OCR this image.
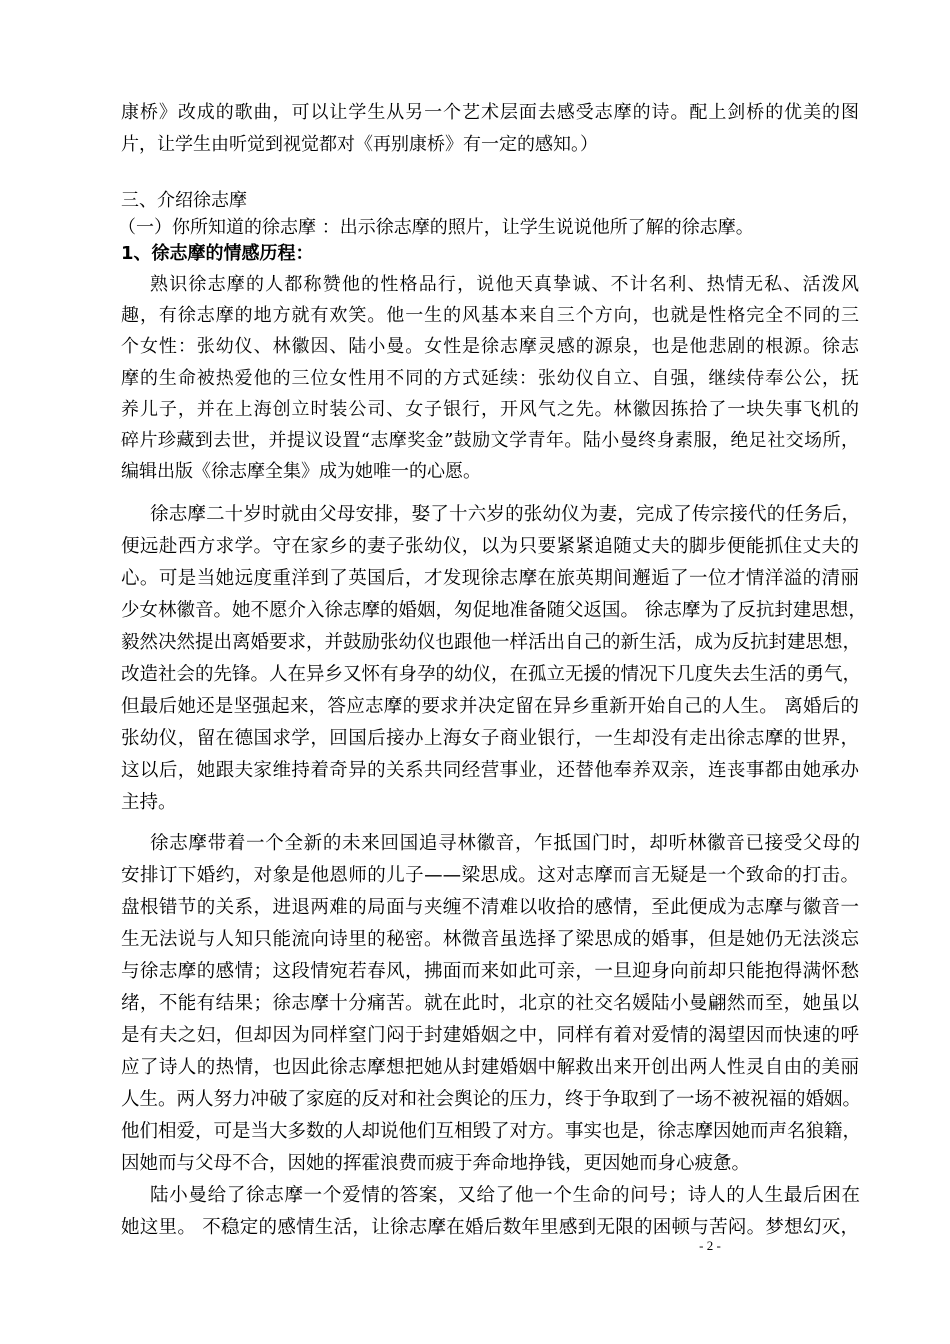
康桥》改成的歌曲，可以让学生从另一个艺术层面去感受志摩的诗。配上剑桥的优美的图
片，让学生由听觉到视觉都对《再别康桥》有一定的感知。）
三、介绍徐志摩
（一）你所知道的徐志摩 ：出示徐志摩的照片，让学生说说他所了解的徐志摩。
1、徐志摩的情感历程：
熟识徐志摩的人都称赞他的性格品行，说他天真挚诚、不计名利、热情无私、活泼风
趣，有徐志摩的地方就有欢笑。他一生的风基本来自三个方向，也就是性格完全不同的三
个女性：张幼仪、林徽因、陆小曼。女性是徐志摩灵感的源泉，也是他悲剧的根源。徐志
摩的生命被热爱他的三位女性用不同的方式延续：张幼仪自立、自强，继续侍奉公公，抚
养儿子，并在上海创立时装公司、女子银行，开风气之先。林徽因拣拾了一块失事飞机的
碎片珍藏到去世，并提议设置“志摩奖金”鼓励文学青年。陆小曼终身素服，绝足社交场所，
编辑出版《徐志摩全集》成为她唯一的心愿。
徐志摩二十岁时就由父母安排，娶了十六岁的张幼仪为妻，完成了传宗接代的任务后，
便远赴西方求学。守在家乡的妻子张幼仪，以为只要紧紧追随丈夫的脚步便能抓住丈夫的
心。可是当她远度重洋到了英国后，才发现徐志摩在旅英期间邂逅了一位才情洋溢的清丽
少女林徽音。她不愿介入徐志摩的婚姻，匆促地准备随父返国。 徐志摩为了反抗封建思想，
毅然决然提出离婚要求，并鼓励张幼仪也跟他一样活出自己的新生活，成为反抗封建思想，
改造社会的先锋。人在异乡又怀有身孕的幼仪，在孤立无援的情况下几度失去生活的勇气，
但最后她还是坚强起来，答应志摩的要求并决定留在异乡重新开始自己的人生。 离婚后的
张幼仪，留在德国求学，回国后接办上海女子商业银行，一生却没有走出徐志摩的世界，
这以后，她跟夫家维持着奇异的关系共同经营事业，还替他奉养双亲，连丧事都由她承办
主持。
徐志摩带着一个全新的未来回国追寻林徽音，乍抵国门时，却听林徽音已接受父母的
安排订下婚约，对象是他恩师的儿子——梁思成。这对志摩而言无疑是一个致命的打击。
盘根错节的关系，进退两难的局面与夹缠不清难以收拾的感情，至此便成为志摩与徽音一
生无法说与人知只能流向诗里的秘密。林微音虽选择了梁思成的婚事，但是她仍无法淡忘
与徐志摩的感情；这段情宛若春风，拂面而来如此可亲，一旦迎身向前却只能抱得满怀愁
绪，不能有结果；徐志摩十分痛苦。就在此时，北京的社交名媛陆小曼翩然而至，她虽以
是有夫之妇，但却因为同样窒门闷于封建婚姻之中，同样有着对爱情的渴望因而快速的呼
应了诗人的热情，也因此徐志摩想把她从封建婚姻中解救出来开创出两人性灵自由的美丽
人生。两人努力冲破了家庭的反对和社会舆论的压力，终于争取到了一场不被祝福的婚姻。
他们相爱，可是当大多数的人却说他们互相毁了对方。事实也是，徐志摩因她而声名狼籍，
因她而与父母不合，因她的挥霍浪费而疲于奔命地挣钱，更因她而身心疲惫。
陆小曼给了徐志摩一个爱情的答案，又给了他一个生命的问号；诗人的人生最后困在
她这里。 不稳定的感情生活，让徐志摩在婚后数年里感到无限的困顿与苦闷。梦想幻灭，
- 2 -
